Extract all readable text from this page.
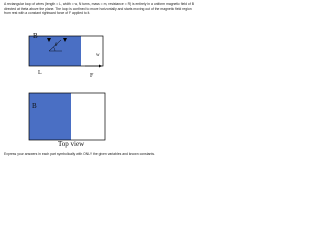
A rectangular loop of wires (length = L, width = w, N turns, mass = m, resistance = R) is entirely in a uniform magnetic field of B directed at theta above the plane. The loop is confined to move horizontally and starts moving out of the magnetic field region from rest with a constant rightward force of F applied to it.

B
θ
w
L	F
B
Top view

Express your answers in each part symbolically with ONLY the given variables and known constants.
